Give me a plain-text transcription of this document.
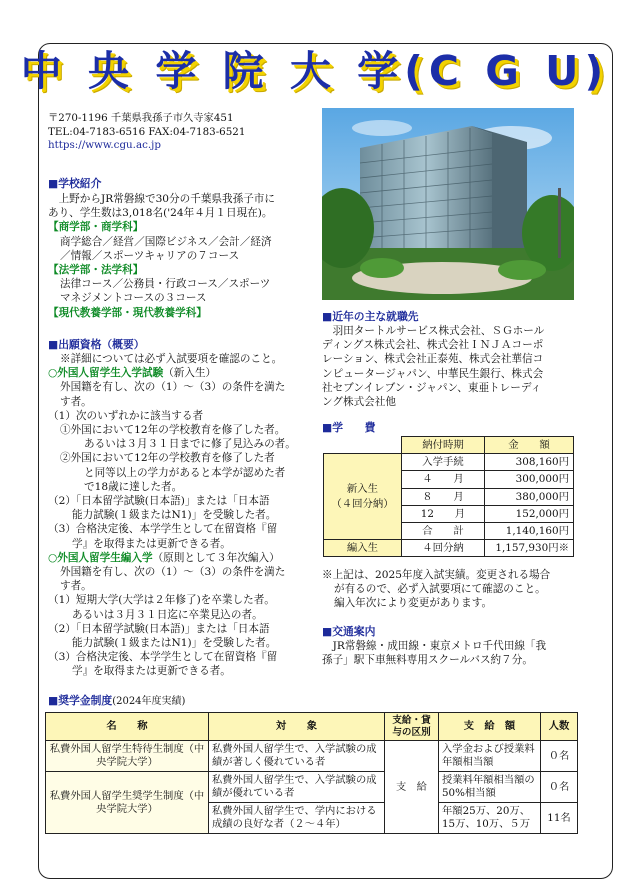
中 央 学 院 大 学(C G U)
〒270-1196 千葉県我孫子市久寺家451
TEL:04-7183-6516 FAX:04-7183-6521
https://www.cgu.ac.jp
■学校紹介
　上野からJR常磐線で30分の千葉県我孫子市に
あり、学生数は3,018名('24年４月１日現在)。
【商学部・商学科】
商学総合／経営／国際ビジネス／会計／経済
／情報／スポーツキャリアの７コース
【法学部・法学科】
法律コース／公務員・行政コース／スポーツ
マネジメントコースの３コース
【現代教養学部・現代教養学科】
■出願資格（概要）
※詳細については必ず入試要項を確認のこと。
○外国人留学生入学試験（新入生）
外国籍を有し、次の（1）～（3）の条件を満た
す者。
（1）次のいずれかに該当する者
①外国において12年の学校教育を修了した者。
あるいは３月３１日までに修了見込みの者。
②外国において12年の学校教育を修了した者
と同等以上の学力があると本学が認めた者
で18歳に達した者。
（2）「日本留学試験(日本語)」または「日本語
能力試験(１級またはN1)」を受験した者。
（3）合格決定後、本学学生として在留資格『留
学』を取得または更新できる者。
○外国人留学生編入学（原則として３年次編入）
外国籍を有し、次の（1）～（3）の条件を満た
す者。
（1）短期大学(大学は２年修了)を卒業した者。
あるいは３月３１日迄に卒業見込の者。
（2）「日本留学試験(日本語)」または「日本語
能力試験(１級またはN1)」を受験した者。
（3）合格決定後、本学学生として在留資格『留
学』を取得または更新できる者。
■近年の主な就職先
　羽田タートルサービス株式会社、ＳＧホール
ディングス株式会社、株式会社ＩＮＪＡコーポ
レーション、株式会社正泰苑、株式会社華信コ
ンピュータージャパン、中華民生銀行、株式会
社セブンイレブン・ジャパン、東亜トレーディ
ング株式会社他
■学　　費
	納付時期	金　　額

新入生
（４回分納）	入学手続	308,160円
	４　　月	300,000円
	８　　月	380,000円
	12　　月	152,000円
	合　　計	1,140,160円
編入生	４回分納	1,157,930円※
※上記は、2025年度入試実績。変更される場合
が有るので、必ず入試要項にて確認のこと。
編入年次により変更があります。
■交通案内
　JR常磐線・成田線・東京メトロ千代田線「我
孫子」駅下車無料専用スクールバス約７分。
■奨学金制度(2024年度実績)
名　　称	対　　象	支給・貸与の区別	支　給　額	人数
私費外国人留学生特待生制度（中央学院大学）	私費外国人留学生で、入学試験の成績が著しく優れている者	支　給	入学金および授業料年額相当額	０名
私費外国人留学生奨学生制度（中央学院大学）	私費外国人留学生で、入学試験の成績が優れている者		授業料年額相当額の50%相当額	０名
	私費外国人留学生で、学内における成績の良好な者（２～４年）		年額25万、20万、15万、10万、５万	11名
